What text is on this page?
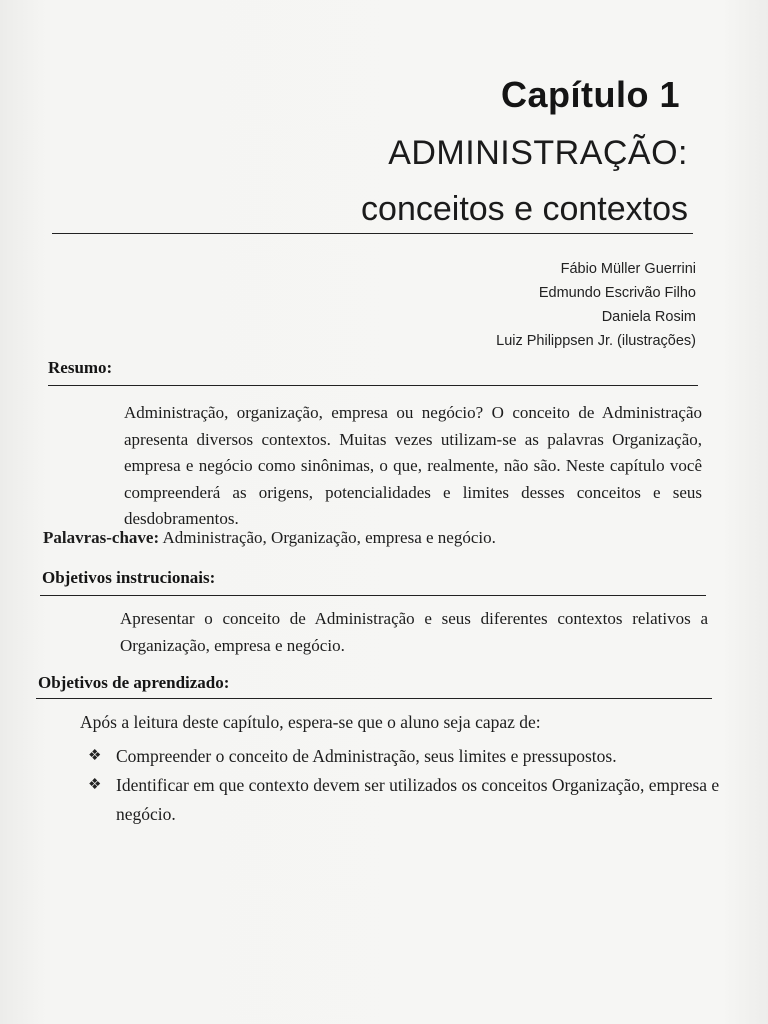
Capítulo 1
ADMINISTRAÇÃO:
conceitos e contextos
Fábio Müller Guerrini
Edmundo Escrivão Filho
Daniela Rosim
Luiz Philippsen Jr. (ilustrações)
Resumo:
Administração, organização, empresa ou negócio? O conceito de Administração apresenta diversos contextos. Muitas vezes utilizam-se as palavras Organização, empresa e negócio como sinônimas, o que, realmente, não são. Neste capítulo você compreenderá as origens, potencialidades e limites desses conceitos e seus desdobramentos.
Palavras-chave: Administração, Organização, empresa e negócio.
Objetivos instrucionais:
Apresentar o conceito de Administração e seus diferentes contextos relativos a Organização, empresa e negócio.
Objetivos de aprendizado:
Após a leitura deste capítulo, espera-se que o aluno seja capaz de:
❖ Compreender o conceito de Administração, seus limites e pressupostos.
❖ Identificar em que contexto devem ser utilizados os conceitos Organização, empresa e negócio.
